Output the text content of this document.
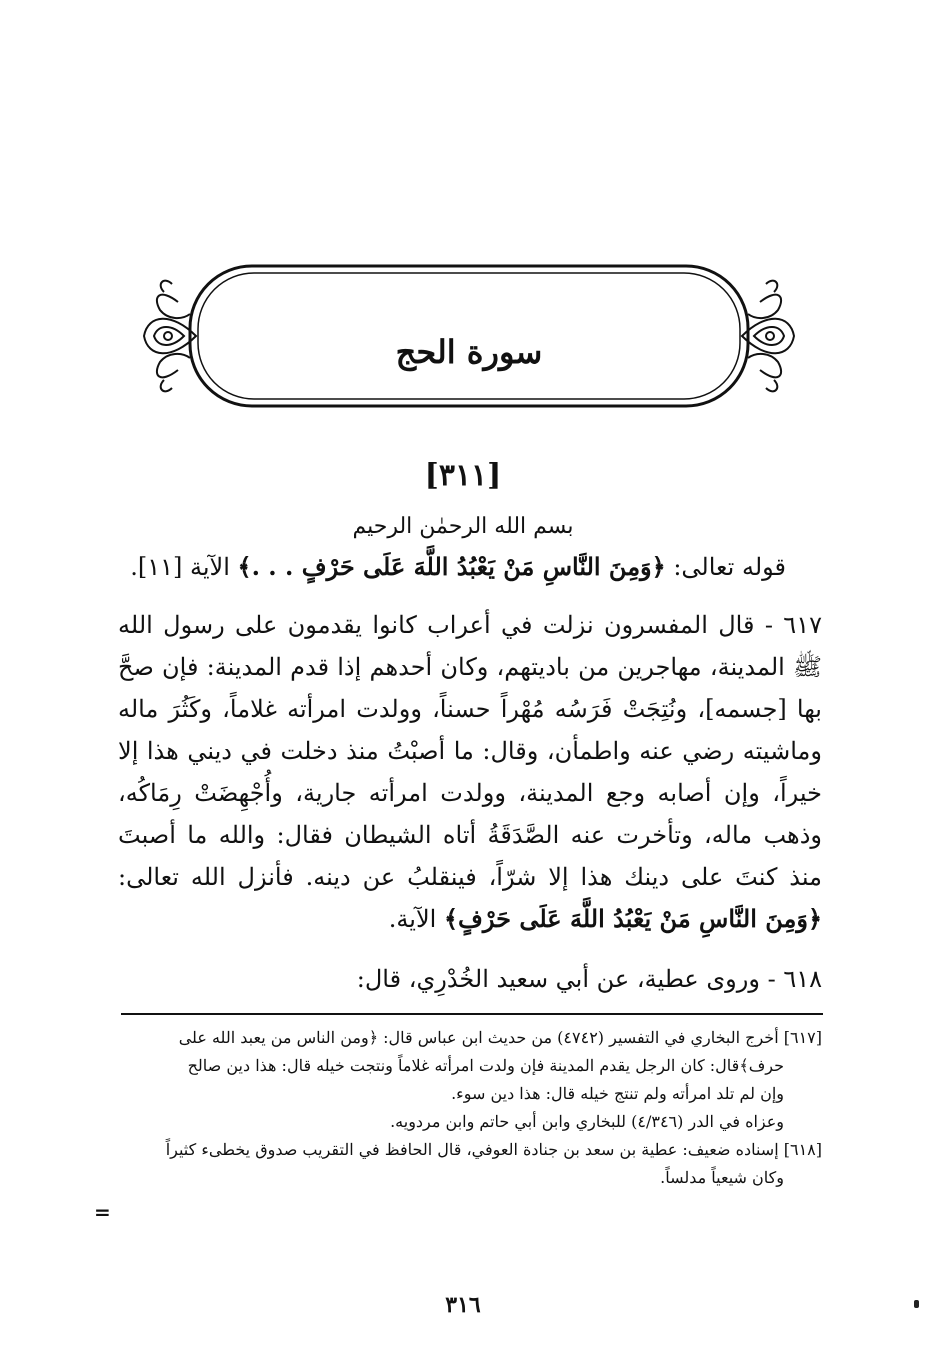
سورة الحج
[٣١١]
بسم الله الرحمٰن الرحيم
قوله تعالى: ﴿وَمِنَ النَّاسِ مَنْ يَعْبُدُ اللَّهَ عَلَى حَرْفٍ . . .﴾ الآية [١١].
٦١٧ - قال المفسرون نزلت في أعراب كانوا يقدمون على رسول الله ﷺ المدينة، مهاجرين من باديتهم، وكان أحدهم إذا قدم المدينة: فإن صحَّ بها [جسمه]، ونُتِجَتْ فَرَسُه مُهْراً حسناً، وولدت امرأته غلاماً، وكَثُرَ ماله وماشيته رضي عنه واطمأن، وقال: ما أصبْتُ منذ دخلت في ديني هذا إلا خيراً، وإن أصابه وجع المدينة، وولدت امرأته جارية، وأُجْهِضَتْ رِمَاكُه، وذهب ماله، وتأخرت عنه الصَّدَقَةُ أتاه الشيطان فقال: والله ما أصبتَ منذ كنتَ على دينك هذا إلا شرّاً، فينقلبُ عن دينه. فأنزل الله تعالى: ﴿وَمِنَ النَّاسِ مَنْ يَعْبُدُ اللَّهَ عَلَى حَرْفٍ﴾ الآية.
٦١٨ - وروى عطية، عن أبي سعيد الخُدْرِي، قال:
[٦١٧] أخرج البخاري في التفسير (٤٧٤٢) من حديث ابن عباس قال: ﴿ومن الناس من يعبد الله على
حرف﴾قال: كان الرجل يقدم المدينة فإن ولدت امرأته غلاماً ونتجت خيله قال: هذا دين صالح
وإن لم تلد امرأته ولم تنتج خيله قال: هذا دين سوء.
وعزاه في الدر (٤/٣٤٦) للبخاري وابن أبي حاتم وابن مردويه.
[٦١٨] إسناده ضعيف: عطية بن سعد بن جنادة العوفي، قال الحافظ في التقريب صدوق يخطىء كثيراً
وكان شيعياً مدلساً.
=
٣١٦
